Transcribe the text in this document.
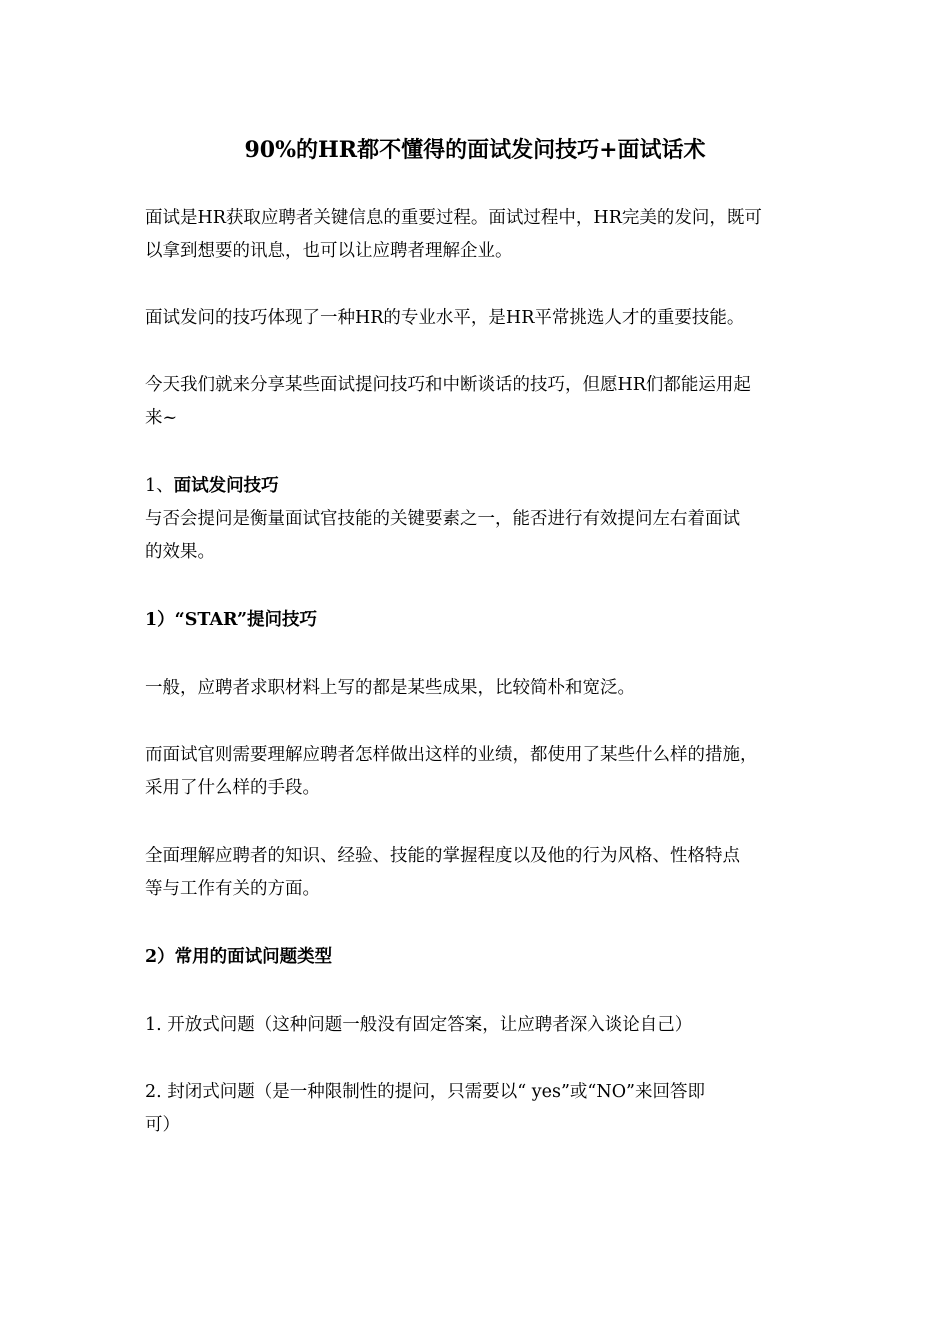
90%的HR都不懂得的面试发问技巧+面试话术
面试是HR获取应聘者关键信息的重要过程。面试过程中，HR完美的发问，既可
以拿到想要的讯息，也可以让应聘者理解企业。
面试发问的技巧体现了一种HR的专业水平，是HR平常挑选人才的重要技能。
今天我们就来分享某些面试提问技巧和中断谈话的技巧，但愿HR们都能运用起
来~
1、面试发问技巧
与否会提问是衡量面试官技能的关键要素之一，能否进行有效提问左右着面试
的效果。
1）“STAR”提问技巧
一般，应聘者求职材料上写的都是某些成果，比较简朴和宽泛。
而面试官则需要理解应聘者怎样做出这样的业绩，都使用了某些什么样的措施，
采用了什么样的手段。
全面理解应聘者的知识、经验、技能的掌握程度以及他的行为风格、性格特点
等与工作有关的方面。
2）常用的面试问题类型
1. 开放式问题（这种问题一般没有固定答案，让应聘者深入谈论自己）
2. 封闭式问题（是一种限制性的提问，只需要以“ yes”或“NO”来回答即
可）
